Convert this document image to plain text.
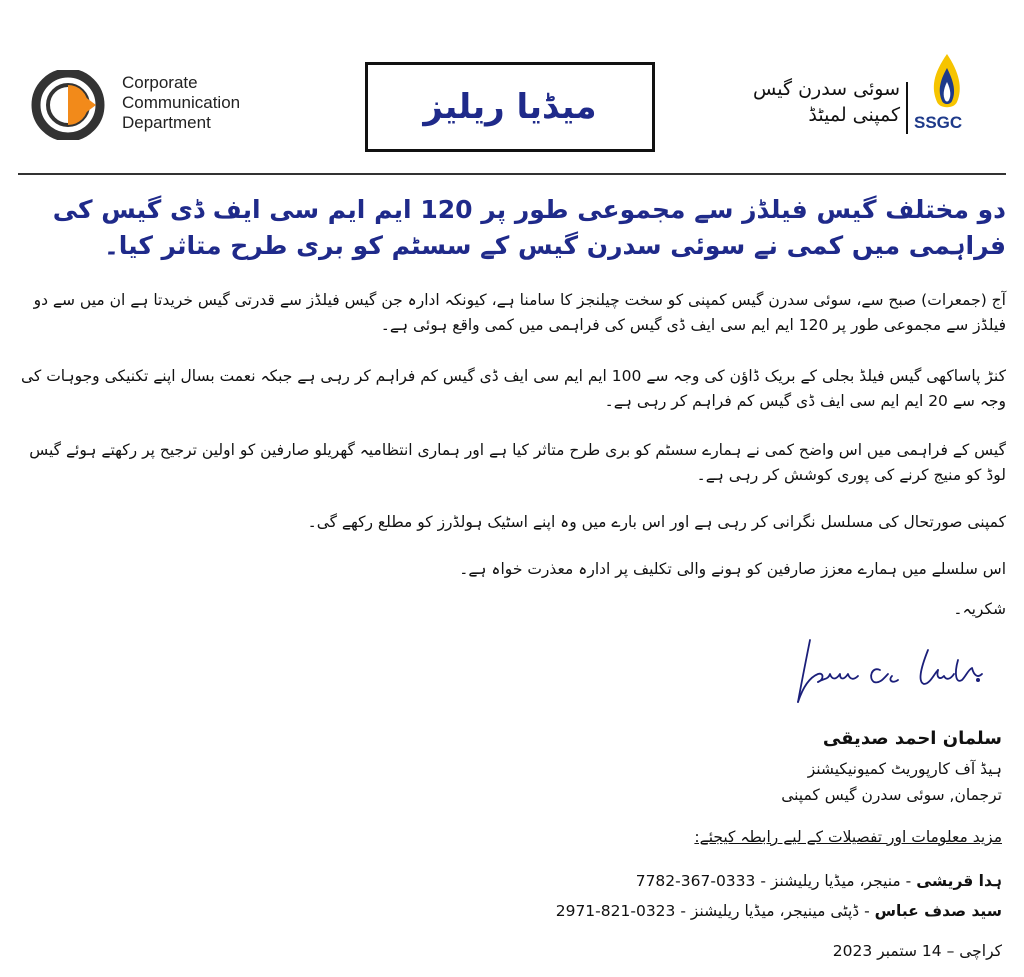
Corporate
Communication
Department	میڈیا ریلیز	سوئی سدرن گیس
کمپنی لمیٹڈ SSGC
دو مختلف گیس فیلڈز سے مجموعی طور پر 120 ایم ایم سی ایف ڈی گیس کی فراہمی میں کمی نے سوئی سدرن گیس کے سسٹم کو بری طرح متاثر کیا۔
آج (جمعرات) صبح سے، سوئی سدرن گیس کمپنی کو سخت چیلنجز کا سامنا ہے، کیونکہ ادارہ جن گیس فیلڈز سے قدرتی گیس خریدتا ہے ان میں سے دو فیلڈز سے مجموعی طور پر 120 ایم ایم سی ایف ڈی گیس کی فراہمی میں کمی واقع ہوئی ہے۔
کنڑ پاساکھی گیس فیلڈ بجلی کے بریک ڈاؤن کی وجہ سے 100 ایم ایم سی ایف ڈی گیس کم فراہم کر رہی ہے جبکہ نعمت بسال اپنے تکنیکی وجوہات کی وجہ سے 20 ایم ایم سی ایف ڈی گیس کم فراہم کر رہی ہے۔
گیس کے فراہمی میں اس واضح کمی نے ہمارے سسٹم کو بری طرح متاثر کیا ہے اور ہماری انتظامیہ گھریلو صارفین کو اولین ترجیح پر رکھتے ہوئے گیس لوڈ کو منیج کرنے کی پوری کوشش کر رہی ہے۔
کمپنی صورتحال کی مسلسل نگرانی کر رہی ہے اور اس بارے میں وہ اپنے اسٹیک ہولڈرز کو مطلع رکھے گی۔
اس سلسلے میں ہمارے معزز صارفین کو ہونے والی تکلیف پر ادارہ معذرت خواہ ہے۔
شکریہ۔
سلمان احمد صدیقی
ہیڈ آف کارپوریٹ کمیونیکیشنز
ترجمان, سوئی سدرن گیس کمپنی
مزید معلومات اور تفصیلات کے لیے رابطہ کیجئے:
ہدا قریشی - منیجر، میڈیا ریلیشنز - 0333-367-7782
سید صدف عباس - ڈپٹی مینیجر، میڈیا ریلیشنز - 0323-821-2971
کراچی – 14 ستمبر 2023
